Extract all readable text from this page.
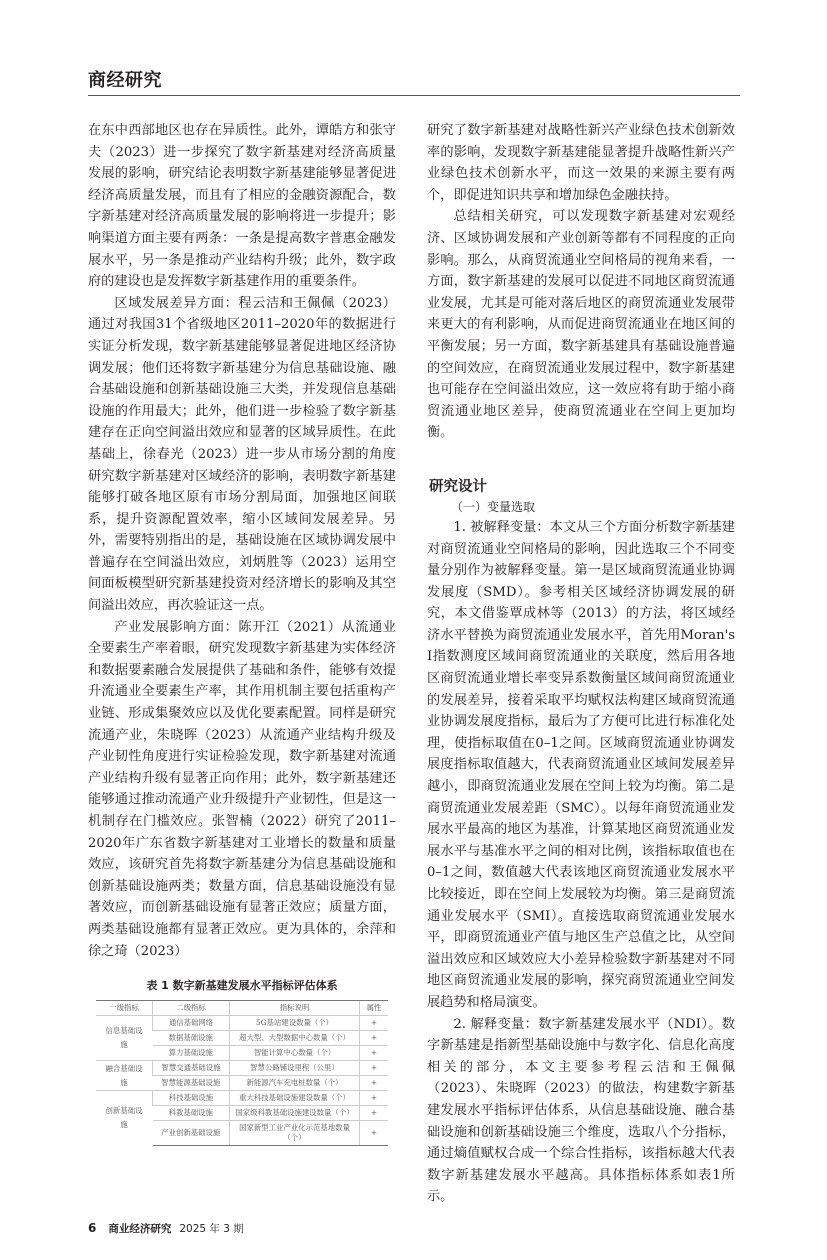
商经研究

在东中西部地区也存在异质性。此外，谭皓方和张守夫（2023）进一步探究了数字新基建对经济高质量发展的影响，研究结论表明数字新基建能够显著促进经济高质量发展，而且有了相应的金融资源配合，数字新基建对经济高质量发展的影响将进一步提升；影响渠道方面主要有两条：一条是提高数字普惠金融发展水平，另一条是推动产业结构升级；此外，数字政府的建设也是发挥数字新基建作用的重要条件。

区域发展差异方面：程云洁和王佩佩（2023）通过对我国31个省级地区2011–2020年的数据进行实证分析发现，数字新基建能够显著促进地区经济协调发展；他们还将数字新基建分为信息基础设施、融合基础设施和创新基础设施三大类，并发现信息基础设施的作用最大；此外，他们进一步检验了数字新基建存在正向空间溢出效应和显著的区域异质性。在此基础上，徐春光（2023）进一步从市场分割的角度研究数字新基建对区域经济的影响，表明数字新基建能够打破各地区原有市场分割局面，加强地区间联系，提升资源配置效率，缩小区域间发展差异。另外，需要特别指出的是，基础设施在区域协调发展中普遍存在空间溢出效应，刘炳胜等（2023）运用空间面板模型研究新基建投资对经济增长的影响及其空间溢出效应，再次验证这一点。

产业发展影响方面：陈开江（2021）从流通业全要素生产率着眼，研究发现数字新基建为实体经济和数据要素融合发展提供了基础和条件，能够有效提升流通业全要素生产率，其作用机制主要包括重构产业链、形成集聚效应以及优化要素配置。同样是研究流通产业，朱晓晖（2023）从流通产业结构升级及产业韧性角度进行实证检验发现，数字新基建对流通产业结构升级有显著正向作用；此外，数字新基建还能够通过推动流通产业升级提升产业韧性，但是这一机制存在门槛效应。张智楠（2022）研究了2011–2020年广东省数字新基建对工业增长的数量和质量效应，该研究首先将数字新基建分为信息基础设施和创新基础设施两类；数量方面，信息基础设施没有显著效应，而创新基础设施有显著正效应；质量方面，两类基础设施都有显著正效应。更为具体的，余萍和徐之琦（2023）

表 1 数字新基建发展水平指标评估体系
一级指标	二级指标	指标说明	属性
信息基础设施	通信基础网络	5G基站建设数量（个）	+
	数据基础设施	超大型、大型数据中心数量（个）	+
	算力基础设施	智能计算中心数量（个）	+
融合基础设施	智慧交通基础设施	智慧公路铺设里程（公里）	+
	智慧能源基础设施	新能源汽车充电桩数量（个）	+
创新基础设施	科技基础设施	重大科技基础设施建设数量（个）	+
	科教基础设施	国家级科教基础设施建设数量（个）	+
	产业创新基础设施	国家新型工业产业化示范基地数量（个）	+

研究了数字新基建对战略性新兴产业绿色技术创新效率的影响，发现数字新基建能显著提升战略性新兴产业绿色技术创新水平，而这一效果的来源主要有两个，即促进知识共享和增加绿色金融扶持。

总结相关研究，可以发现数字新基建对宏观经济、区域协调发展和产业创新等都有不同程度的正向影响。那么，从商贸流通业空间格局的视角来看，一方面，数字新基建的发展可以促进不同地区商贸流通业发展，尤其是可能对落后地区的商贸流通业发展带来更大的有利影响，从而促进商贸流通业在地区间的平衡发展；另一方面，数字新基建具有基础设施普遍的空间效应，在商贸流通业发展过程中，数字新基建也可能存在空间溢出效应，这一效应将有助于缩小商贸流通业地区差异，使商贸流通业在空间上更加均衡。

研究设计
（一）变量选取

1. 被解释变量：本文从三个方面分析数字新基建对商贸流通业空间格局的影响，因此选取三个不同变量分别作为被解释变量。第一是区域商贸流通业协调发展度（SMD）。参考相关区域经济协调发展的研究，本文借鉴覃成林等（2013）的方法，将区域经济水平替换为商贸流通业发展水平，首先用Moran's I指数测度区域间商贸流通业的关联度，然后用各地区商贸流通业增长率变异系数衡量区域间商贸流通业的发展差异，接着采取平均赋权法构建区域商贸流通业协调发展度指标，最后为了方便可比进行标准化处理，使指标取值在0–1之间。区域商贸流通业协调发展度指标取值越大，代表商贸流通业区域间发展差异越小，即商贸流通业发展在空间上较为均衡。第二是商贸流通业发展差距（SMC）。以每年商贸流通业发展水平最高的地区为基准，计算某地区商贸流通业发展水平与基准水平之间的相对比例，该指标取值也在0–1之间，数值越大代表该地区商贸流通业发展水平比较接近，即在空间上发展较为均衡。第三是商贸流通业发展水平（SMI）。直接选取商贸流通业发展水平，即商贸流通业产值与地区生产总值之比，从空间溢出效应和区域效应大小差异检验数字新基建对不同地区商贸流通业发展的影响，探究商贸流通业空间发展趋势和格局演变。

2. 解释变量：数字新基建发展水平（NDI）。数字新基建是指新型基础设施中与数字化、信息化高度相关的部分，本文主要参考程云洁和王佩佩（2023）、朱晓晖（2023）的做法，构建数字新基建发展水平指标评估体系，从信息基础设施、融合基础设施和创新基础设施三个维度，选取八个分指标，通过熵值赋权合成一个综合性指标，该指标越大代表数字新基建发展水平越高。具体指标体系如表1所示。

6 商业经济研究 2025 年 3 期
